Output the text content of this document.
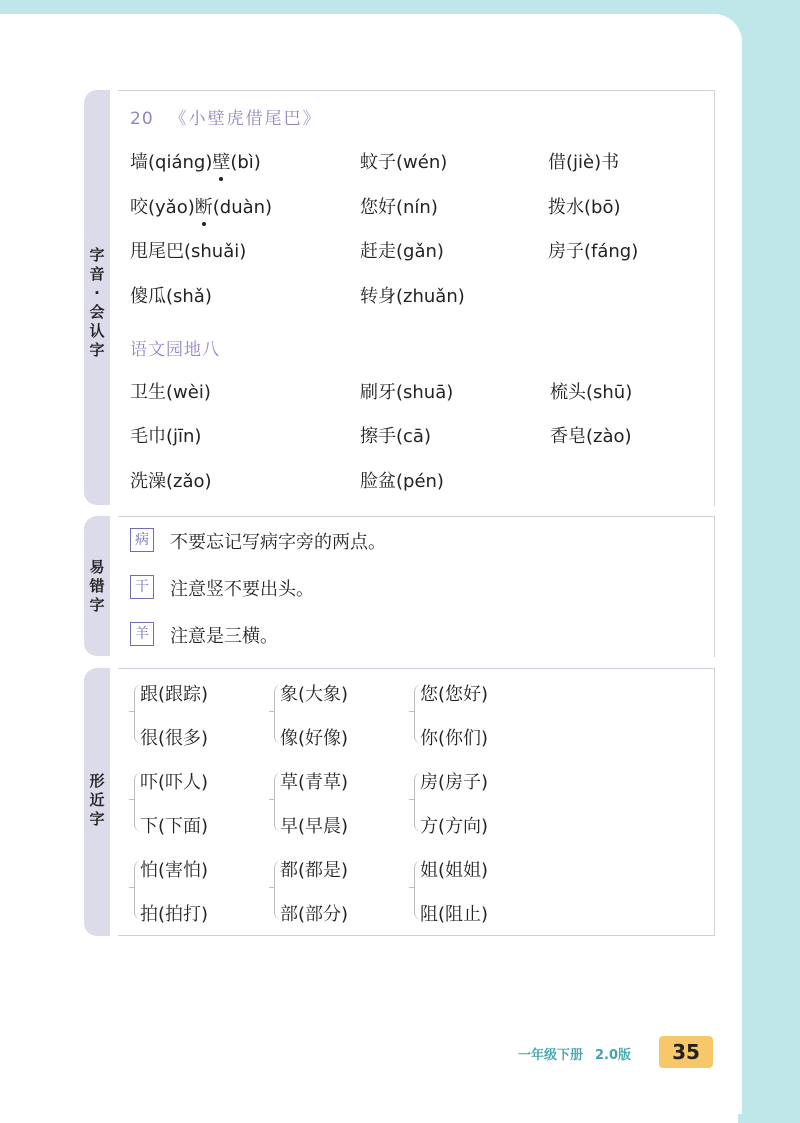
字音·会认字
20 《小壁虎借尾巴》
墙(qiáng)壁(bì)	蚊子(wén)	借(jiè)书
咬(yǎo)断(duàn)	您好(nín)	拨水(bō)
甩尾巴(shuǎi)	赶走(gǎn)	房子(fáng)
傻瓜(shǎ)	转身(zhuǎn)
语文园地八
卫生(wèi)	刷牙(shuā)	梳头(shū)
毛巾(jīn)	擦手(cā)	香皂(zào)
洗澡(zǎo)	脸盆(pén)
易错字
病 不要忘记写病字旁的两点。
干 注意竖不要出头。
羊 注意是三横。
形近字
跟(跟踪)	象(大象)	您(您好)
很(很多)	像(好像)	你(你们)
吓(吓人)	草(青草)	房(房子)
下(下面)	早(早晨)	方(方向)
怕(害怕)	都(都是)	姐(姐姐)
拍(拍打)	部(部分)	阻(阻止)
一年级下册 2.0版	35
